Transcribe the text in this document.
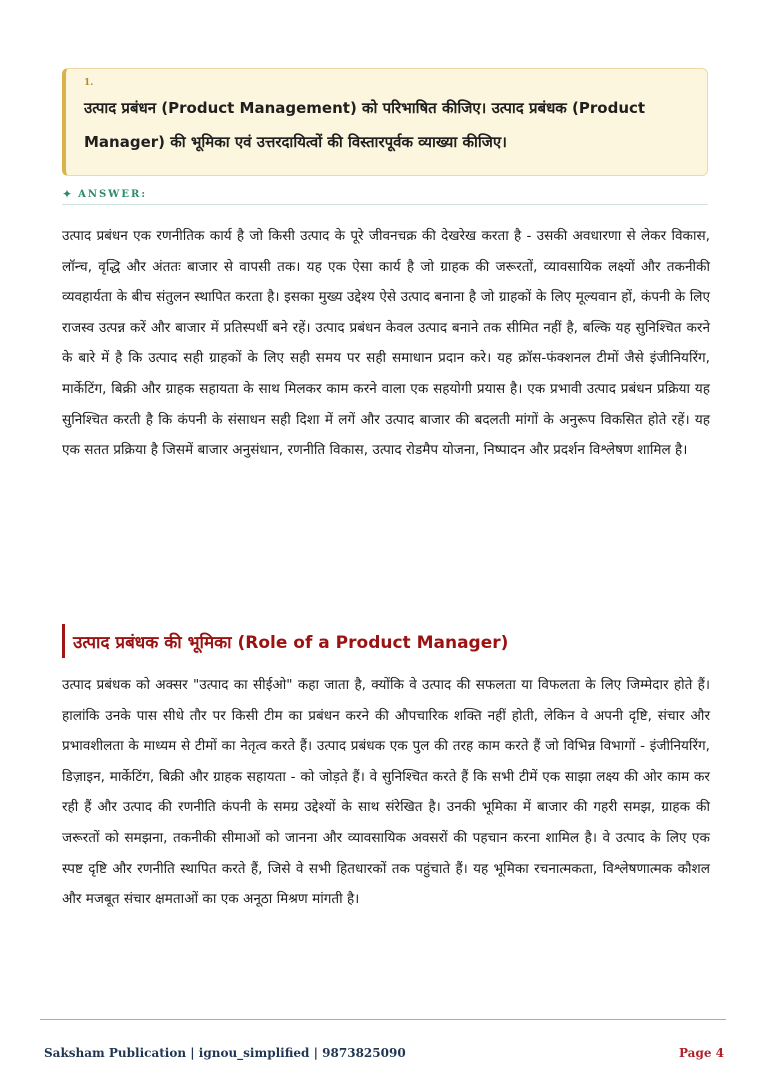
1.
उत्पाद प्रबंधन (Product Management) को परिभाषित कीजिए। उत्पाद प्रबंधक (Product Manager) की भूमिका एवं उत्तरदायित्वों की विस्तारपूर्वक व्याख्या कीजिए।
✦ ANSWER:

उत्पाद प्रबंधन एक रणनीतिक कार्य है जो किसी उत्पाद के पूरे जीवनचक्र की देखरेख करता है - उसकी अवधारणा से लेकर विकास, लॉन्च, वृद्धि और अंततः बाजार से वापसी तक। यह एक ऐसा कार्य है जो ग्राहक की जरूरतों, व्यावसायिक लक्ष्यों और तकनीकी व्यवहार्यता के बीच संतुलन स्थापित करता है। इसका मुख्य उद्देश्य ऐसे उत्पाद बनाना है जो ग्राहकों के लिए मूल्यवान हों, कंपनी के लिए राजस्व उत्पन्न करें और बाजार में प्रतिस्पर्धी बने रहें। उत्पाद प्रबंधन केवल उत्पाद बनाने तक सीमित नहीं है, बल्कि यह सुनिश्चित करने के बारे में है कि उत्पाद सही ग्राहकों के लिए सही समय पर सही समाधान प्रदान करे। यह क्रॉस-फंक्शनल टीमों जैसे इंजीनियरिंग, मार्केटिंग, बिक्री और ग्राहक सहायता के साथ मिलकर काम करने वाला एक सहयोगी प्रयास है। एक प्रभावी उत्पाद प्रबंधन प्रक्रिया यह सुनिश्चित करती है कि कंपनी के संसाधन सही दिशा में लगें और उत्पाद बाजार की बदलती मांगों के अनुरूप विकसित होते रहें। यह एक सतत प्रक्रिया है जिसमें बाजार अनुसंधान, रणनीति विकास, उत्पाद रोडमैप योजना, निष्पादन और प्रदर्शन विश्लेषण शामिल है।

उत्पाद प्रबंधक की भूमिका (Role of a Product Manager)

उत्पाद प्रबंधक को अक्सर "उत्पाद का सीईओ" कहा जाता है, क्योंकि वे उत्पाद की सफलता या विफलता के लिए जिम्मेदार होते हैं। हालांकि उनके पास सीधे तौर पर किसी टीम का प्रबंधन करने की औपचारिक शक्ति नहीं होती, लेकिन वे अपनी दृष्टि, संचार और प्रभावशीलता के माध्यम से टीमों का नेतृत्व करते हैं। उत्पाद प्रबंधक एक पुल की तरह काम करते हैं जो विभिन्न विभागों - इंजीनियरिंग, डिज़ाइन, मार्केटिंग, बिक्री और ग्राहक सहायता - को जोड़ते हैं। वे सुनिश्चित करते हैं कि सभी टीमें एक साझा लक्ष्य की ओर काम कर रही हैं और उत्पाद की रणनीति कंपनी के समग्र उद्देश्यों के साथ संरेखित है। उनकी भूमिका में बाजार की गहरी समझ, ग्राहक की जरूरतों को समझना, तकनीकी सीमाओं को जानना और व्यावसायिक अवसरों की पहचान करना शामिल है। वे उत्पाद के लिए एक स्पष्ट दृष्टि और रणनीति स्थापित करते हैं, जिसे वे सभी हितधारकों तक पहुंचाते हैं। यह भूमिका रचनात्मकता, विश्लेषणात्मक कौशल और मजबूत संचार क्षमताओं का एक अनूठा मिश्रण मांगती है।

Saksham Publication | ignou_simplified | 9873825090	Page 4
